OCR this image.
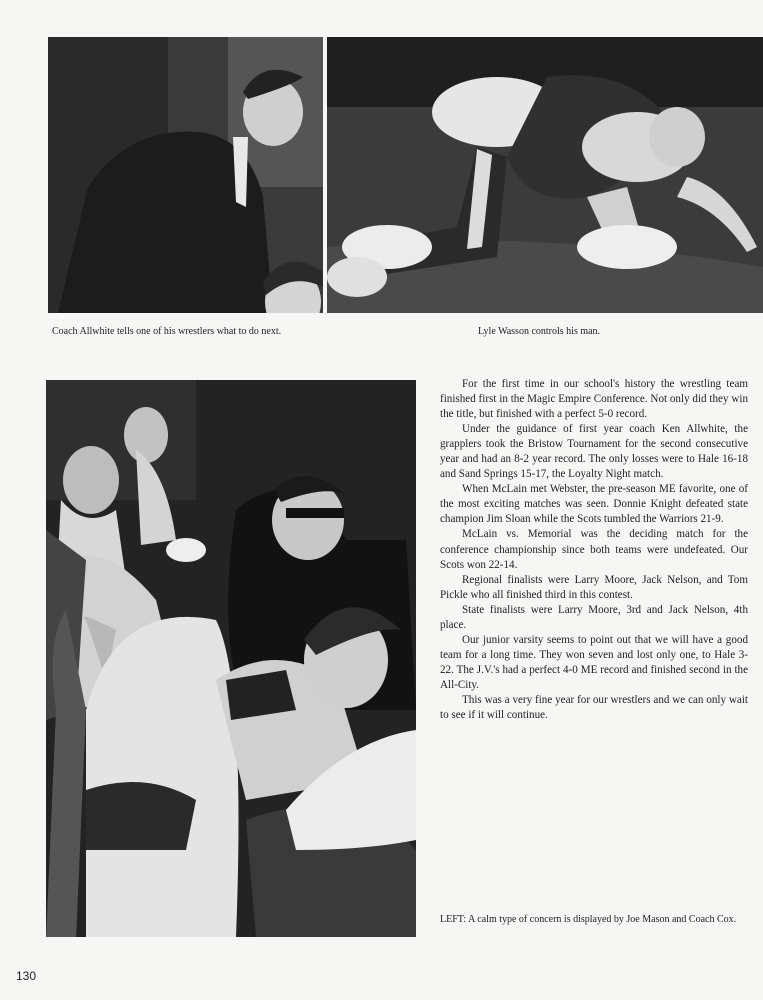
Coach Allwhite tells one of his wrestlers what to do next.	Lyle Wasson controls his man.
LEFT: A calm type of concern is displayed by Joe Mason and Coach Cox.

For the first time in our school's history the wrestling team finished first in the Magic Empire Conference. Not only did they win the title, but finished with a perfect 5-0 record.

Under the guidance of first year coach Ken Allwhite, the grapplers took the Bristow Tournament for the second consecutive year and had an 8-2 year record. The only losses were to Hale 16-18 and Sand Springs 15-17, the Loyalty Night match.

When McLain met Webster, the pre-season ME favorite, one of the most exciting matches was seen. Donnie Knight defeated state champion Jim Sloan while the Scots tumbled the Warriors 21-9.

McLain vs. Memorial was the deciding match for the conference championship since both teams were undefeated. Our Scots won 22-14.

Regional finalists were Larry Moore, Jack Nelson, and Tom Pickle who all finished third in this contest.

State finalists were Larry Moore, 3rd and Jack Nelson, 4th place.

Our junior varsity seems to point out that we will have a good team for a long time. They won seven and lost only one, to Hale 3-22. The J.V.'s had a perfect 4-0 ME record and finished second in the All-City.

This was a very fine year for our wrestlers and we can only wait to see if it will continue.

130
